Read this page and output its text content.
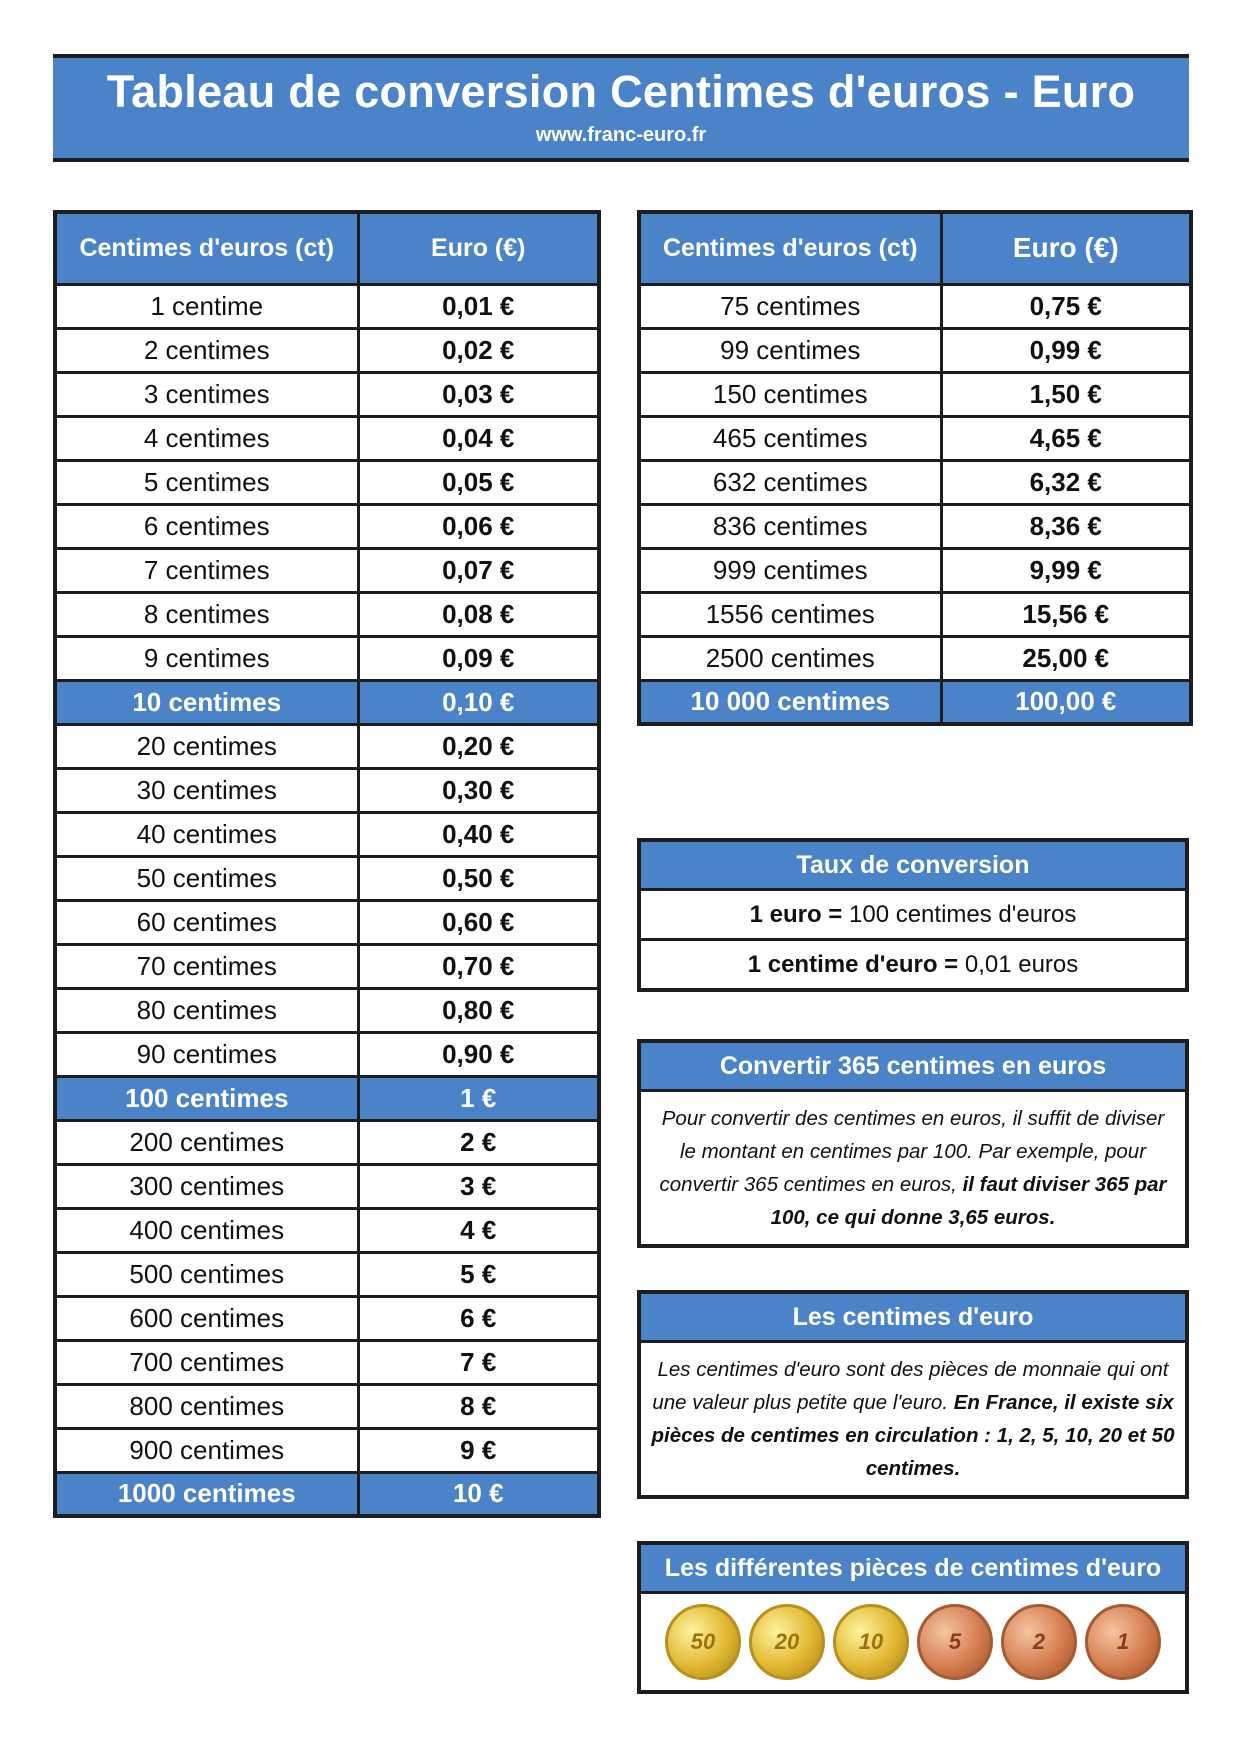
Tableau de conversion Centimes d'euros - Euro
www.franc-euro.fr
Centimes d'euros (ct)	Euro (€)
1 centime	0,01 €
2 centimes	0,02 €
3 centimes	0,03 €
4 centimes	0,04 €
5 centimes	0,05 €
6 centimes	0,06 €
7 centimes	0,07 €
8 centimes	0,08 €
9 centimes	0,09 €
10 centimes	0,10 €
20 centimes	0,20 €
30 centimes	0,30 €
40 centimes	0,40 €
50 centimes	0,50 €
60 centimes	0,60 €
70 centimes	0,70 €
80 centimes	0,80 €
90 centimes	0,90 €
100 centimes	1 €
200 centimes	2 €
300 centimes	3 €
400 centimes	4 €
500 centimes	5 €
600 centimes	6 €
700 centimes	7 €
800 centimes	8 €
900 centimes	9 €
1000 centimes	10 €
Centimes d'euros (ct)	Euro (€)
75 centimes	0,75 €
99 centimes	0,99 €
150 centimes	1,50 €
465 centimes	4,65 €
632 centimes	6,32 €
836 centimes	8,36 €
999 centimes	9,99 €
1556 centimes	15,56 €
2500 centimes	25,00 €
10 000 centimes	100,00 €
Taux de conversion
1 euro = 100 centimes d'euros
1 centime d'euro = 0,01 euros
Convertir 365 centimes en euros
Pour convertir des centimes en euros, il suffit de diviser le montant en centimes par 100. Par exemple, pour convertir 365 centimes en euros, il faut diviser 365 par 100, ce qui donne 3,65 euros.
Les centimes d'euro
Les centimes d'euro sont des pièces de monnaie qui ont une valeur plus petite que l'euro. En France, il existe six pièces de centimes en circulation : 1, 2, 5, 10, 20 et 50 centimes.
Les différentes pièces de centimes d'euro
50	20	10	5	2	1
